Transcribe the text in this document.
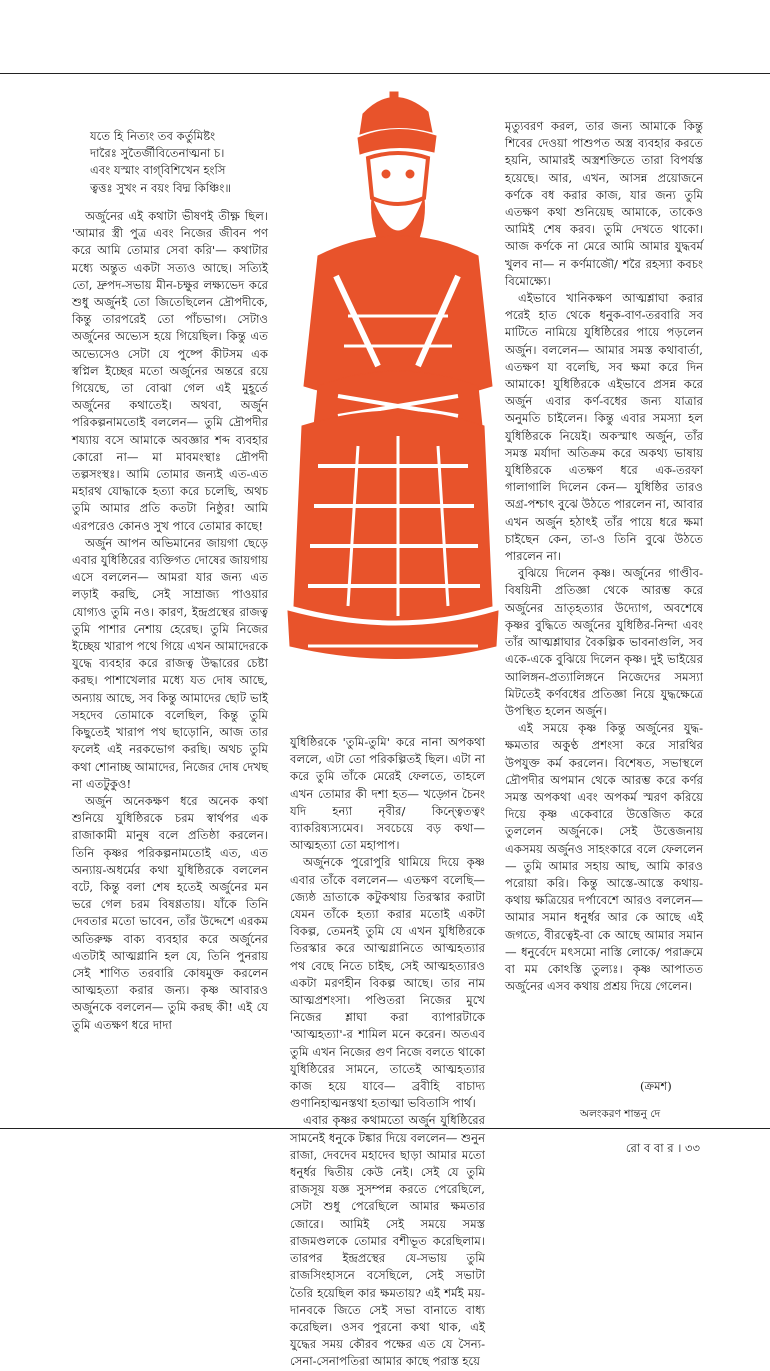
যতে হি নিত্যং তব কর্তুমিষ্টং
দারৈঃ সুতৈর্জীবিতেনাত্মনা চ।
এবং যস্মাং বাগ্‌বিশিখেন হংসি
ত্বত্তঃ সুখং ন বয়ং বিদ্ম কিঞ্চিং॥

অর্জুনের এই কথাটা ভীষণই তীক্ষ্ণ ছিল। 'আমার স্ত্রী পুত্র এবং নিজের জীবন পণ করে আমি তোমার সেবা করি'— কথাটার মধ্যে অন্তুত একটা সত্যও আছে। সত্যিই তো, দ্রুপদ-সভায় মীন-চক্ষুর লক্ষ্যভেদ করে শুধু অর্জুনই তো জিতেছিলেন দ্রৌপদীকে, কিন্তু তারপরেই তো পাঁচভাগ। সেটাও অর্জুনের অভ্যেস হয়ে গিয়েছিল। কিন্তু এত অভ্যেসেও সেটা যে পুষ্পে কীটসম এক স্বপ্নিল ইচ্ছের মতো অর্জুনের অন্তরে রয়ে গিয়েছে, তা বোঝা গেল এই মুহূর্তে অর্জুনের কথাতেই। অথবা, অর্জুন পরিকল্পনামতোই বললেন— তুমি দ্রৌপদীর শয্যায় বসে আমাকে অবজ্ঞার শব্দ ব্যবহার কোরো না— মা মাবমংস্থাঃ দ্রৌপদী তল্পসংস্থঃ। আমি তোমার জন্যই এত-এত মহারথ যোদ্ধাকে হত্যা করে চলেছি, অথচ তুমি আমার প্রতি কতটা নিষ্ঠুর! আমি এরপরেও কোনও সুখ পাবে তোমার কাছে!

অর্জুন আপন অভিমানের জায়গা ছেড়ে এবার যুধিষ্ঠিরের ব্যক্তিগত দোষের জায়গায় এসে বললেন— আমরা যার জন্য এত লড়াই করছি, সেই সাম্রাজ্য পাওয়ার যোগ্যও তুমি নও। কারণ, ইন্দ্রপ্রস্থের রাজত্ব তুমি পাশার নেশায় হেরেছ। তুমি নিজের ইচ্ছেয় খারাপ পথে গিয়ে এখন আমাদেরকে যুদ্ধে ব্যবহার করে রাজত্ব উদ্ধারের চেষ্টা করছ। পাশাখেলার মধ্যে যত দোষ আছে, অন্যায় আছে, সব কিন্তু আমাদের ছোট ভাই সহদেব তোমাকে বলেছিল, কিন্তু তুমি কিছুতেই খারাপ পথ ছাড়োনি, আজ তার ফলেই এই নরকভোগ করছি। অথচ তুমি কথা শোনাচ্ছ আমাদের, নিজের দোষ দেখছ না এতটুকুও!

অর্জুন অনেকক্ষণ ধরে অনেক কথা শুনিয়ে যুধিষ্ঠিরকে চরম স্বার্থপর এক রাজাকামী মানুষ বলে প্রতিষ্ঠা করলেন। তিনি কৃষ্ণর পরিকল্পনামতোই এত, এত অন্যায়-অধর্মের কথা যুধিষ্ঠিরকে বললেন বটে, কিন্তু বলা শেষ হতেই অর্জুনের মন ভরে গেল চরম বিষণ্ণতায়। যাঁকে তিনি দেবতার মতো ভাবেন, তাঁর উদ্দেশে এরকম অতিরুক্ষ বাক্য ব্যবহার করে অর্জুনের এতটাই আত্মগ্লানি হল যে, তিনি পুনরায় সেই শাণিত তরবারি কোষমুক্ত করলেন আত্মহত্যা করার জন্য। কৃষ্ণ আবারও অর্জুনকে বললেন— তুমি করছ কী! এই যে তুমি এতক্ষণ ধরে দাদা

যুধিষ্ঠিরকে 'তুমি-তুমি' করে নানা অপকথা বললে, এটা তো পরিকল্পিতই ছিল। এটা না করে তুমি তাঁকে মেরেই ফেলতে, তাহলে এখন তোমার কী দশা হত— খড়্গেন চৈনং যদি হন্যা নৃবীর/ কিন্ত্বেতত্বং ব্যাকরিষ্যস্যমেব। সবচেয়ে বড় কথা— আত্মহত্যা তো মহাপাপ।

অর্জুনকে পুরোপুরি থামিয়ে দিয়ে কৃষ্ণ এবার তাঁকে বললেন— এতক্ষণ বলেছি— জ্যেষ্ঠ ভ্রাতাকে কটুকথায় তিরস্কার করাটা যেমন তাঁকে হত্যা করার মতোই একটা বিকল্প, তেমনই তুমি যে এখন যুধিষ্ঠিরকে তিরস্কার করে আত্মগ্লানিতে আত্মহত্যার পথ বেছে নিতে চাইছ, সেই আত্মহত্যারও একটা মরণহীন বিকল্প আছে। তার নাম আত্মপ্রশংসা। পণ্ডিতরা নিজের মুখে নিজের শ্লাঘা করা ব্যাপারটাকে 'আত্মহত্যা'-র শামিল মনে করেন। অতএব তুমি এখন নিজের গুণ নিজে বলতে থাকো যুধিষ্ঠিরের সামনে, তাতেই আত্মহত্যার কাজ হয়ে যাবে— ব্রবীহি বাচাদ্য গুণানিহাত্মনস্তথা হতাত্মা ভবিতাসি পার্থ।

এবার কৃষ্ণর কথামতো অর্জুন যুধিষ্ঠিরের সামনেই ধনুকে টঙ্কার দিয়ে বললেন— শুনুন রাজা, দেবদেব মহাদেব ছাড়া আমার মতো ধনুর্ধর দ্বিতীয় কেউ নেই। সেই যে তুমি রাজসূয় যজ্ঞ সুসম্পন্ন করতে পেরেছিলে, সেটা শুধু পেরেছিলে আমার ক্ষমতার জোরে। আমিই সেই সময়ে সমস্ত রাজমণ্ডলকে তোমার বশীভূত করেছিলাম। তারপর ইন্দ্রপ্রস্থের যে-সভায় তুমি রাজসিংহাসনে বসেছিলে, সেই সভাটা তৈরি হয়েছিল কার ক্ষমতায়? এই শর্মই ময়-দানবকে জিতে সেই সভা বানাতে বাধ্য করেছিল। ওসব পুরনো কথা থাক, এই যুদ্ধের সময় কৌরব পক্ষের এত যে সৈন্য-সেনা-সেনাপতিরা আমার কাছে পরাস্ত হয়ে

মৃত্যুবরণ করল, তার জন্য আমাকে কিন্তু শিবের দেওয়া পাশুপত অস্ত্র ব্যবহার করতে হয়নি, আমারই অস্ত্রশক্তিতে তারা বিপর্যস্ত হয়েছে। আর, এখন, আসন্ন প্রয়োজনে কর্ণকে বধ করার কাজ, যার জন্য তুমি এতক্ষণ কথা শুনিয়েছ আমাকে, তাকেও আমিই শেষ করব। তুমি দেখতে থাকো। আজ কর্ণকে না মেরে আমি আমার যুদ্ধবর্ম খুলব না— ন কর্ণমাজৌ/ শরৈ রহস্যা কবচং বিমোক্ষ্যে।

এইভাবে খানিকক্ষণ আত্মশ্লাঘা করার পরেই হাত থেকে ধনুক-বাণ-তরবারি সব মাটিতে নামিয়ে যুধিষ্ঠিরের পায়ে পড়লেন অর্জুন। বললেন— আমার সমস্ত কথাবার্তা, এতক্ষণ যা বলেছি, সব ক্ষমা করে দিন আমাকে! যুধিষ্ঠিরকে এইভাবে প্রসন্ন করে অর্জুন এবার কর্ণ-বধের জন্য যাত্রার অনুমতি চাইলেন। কিন্তু এবার সমস্যা হল যুধিষ্ঠিরকে নিয়েই। অকস্মাৎ অর্জুন, তাঁর সমস্ত মর্যাদা অতিক্রম করে অকথ্য ভাষায় যুধিষ্ঠিরকে এতক্ষণ ধরে এক-তরফা গালাগালি দিলেন কেন— যুধিষ্ঠির তারও অগ্র-পশ্চাৎ বুঝে উঠতে পারলেন না, আবার এখন অর্জুন হঠাৎই তাঁর পায়ে ধরে ক্ষমা চাইছেন কেন, তা-ও তিনি বুঝে উঠতে পারলেন না।

বুঝিয়ে দিলেন কৃষ্ণ। অর্জুনের গাণ্ডীব-বিষয়িনী প্রতিজ্ঞা থেকে আরম্ভ করে অর্জুনের ভ্রাতৃহত্যার উদ্যোগ, অবশেষে কৃষ্ণর বুদ্ধিতে অর্জুনের যুধিষ্ঠির-নিন্দা এবং তাঁর আত্মশ্লাঘার বৈকল্পিক ভাবনাগুলি, সব একে-একে বুঝিয়ে দিলেন কৃষ্ণ। দুই ভাইয়ের আলিঙ্গন-প্রত্যালিঙ্গনে নিজেদের সমস্যা মিটতেই কর্ণবধের প্রতিজ্ঞা নিয়ে যুদ্ধক্ষেত্রে উপস্থিত হলেন অর্জুন।

এই সময়ে কৃষ্ণ কিন্তু অর্জুনের যুদ্ধ-ক্ষমতার অকুণ্ঠ প্রশংসা করে সারথির উপযুক্ত কর্ম করলেন। বিশেষত, সভাস্থলে দ্রৌপদীর অপমান থেকে আরম্ভ করে কর্ণর সমস্ত অপকথা এবং অপকর্ম স্মরণ করিয়ে দিয়ে কৃষ্ণ একেবারে উত্তেজিত করে তুললেন অর্জুনকে। সেই উত্তেজনায় একসময় অর্জুনও সাহংকারে বলে ফেললেন— তুমি আমার সহায় আছ, আমি কারও পরোয়া করি। কিন্তু আস্তে-আস্তে কথায়-কথায় ক্ষত্রিয়ের দর্পাবেশে আরও বললেন— আমার সমান ধনুর্ধর আর কে আছে এই জগতে, বীরত্বেই-বা কে আছে আমার সমান— ধনুর্বেদে মৎসমো নাস্তি লোকে/ পরাক্রমে বা মম কোঽস্তি তুল্যঃ। কৃষ্ণ আপাতত অর্জুনের এসব কথায় প্রশ্রয় দিয়ে গেলেন।

(ক্রমশ)
অলংকরণ শান্তনু দে
রো ব বা র । ৩৩
